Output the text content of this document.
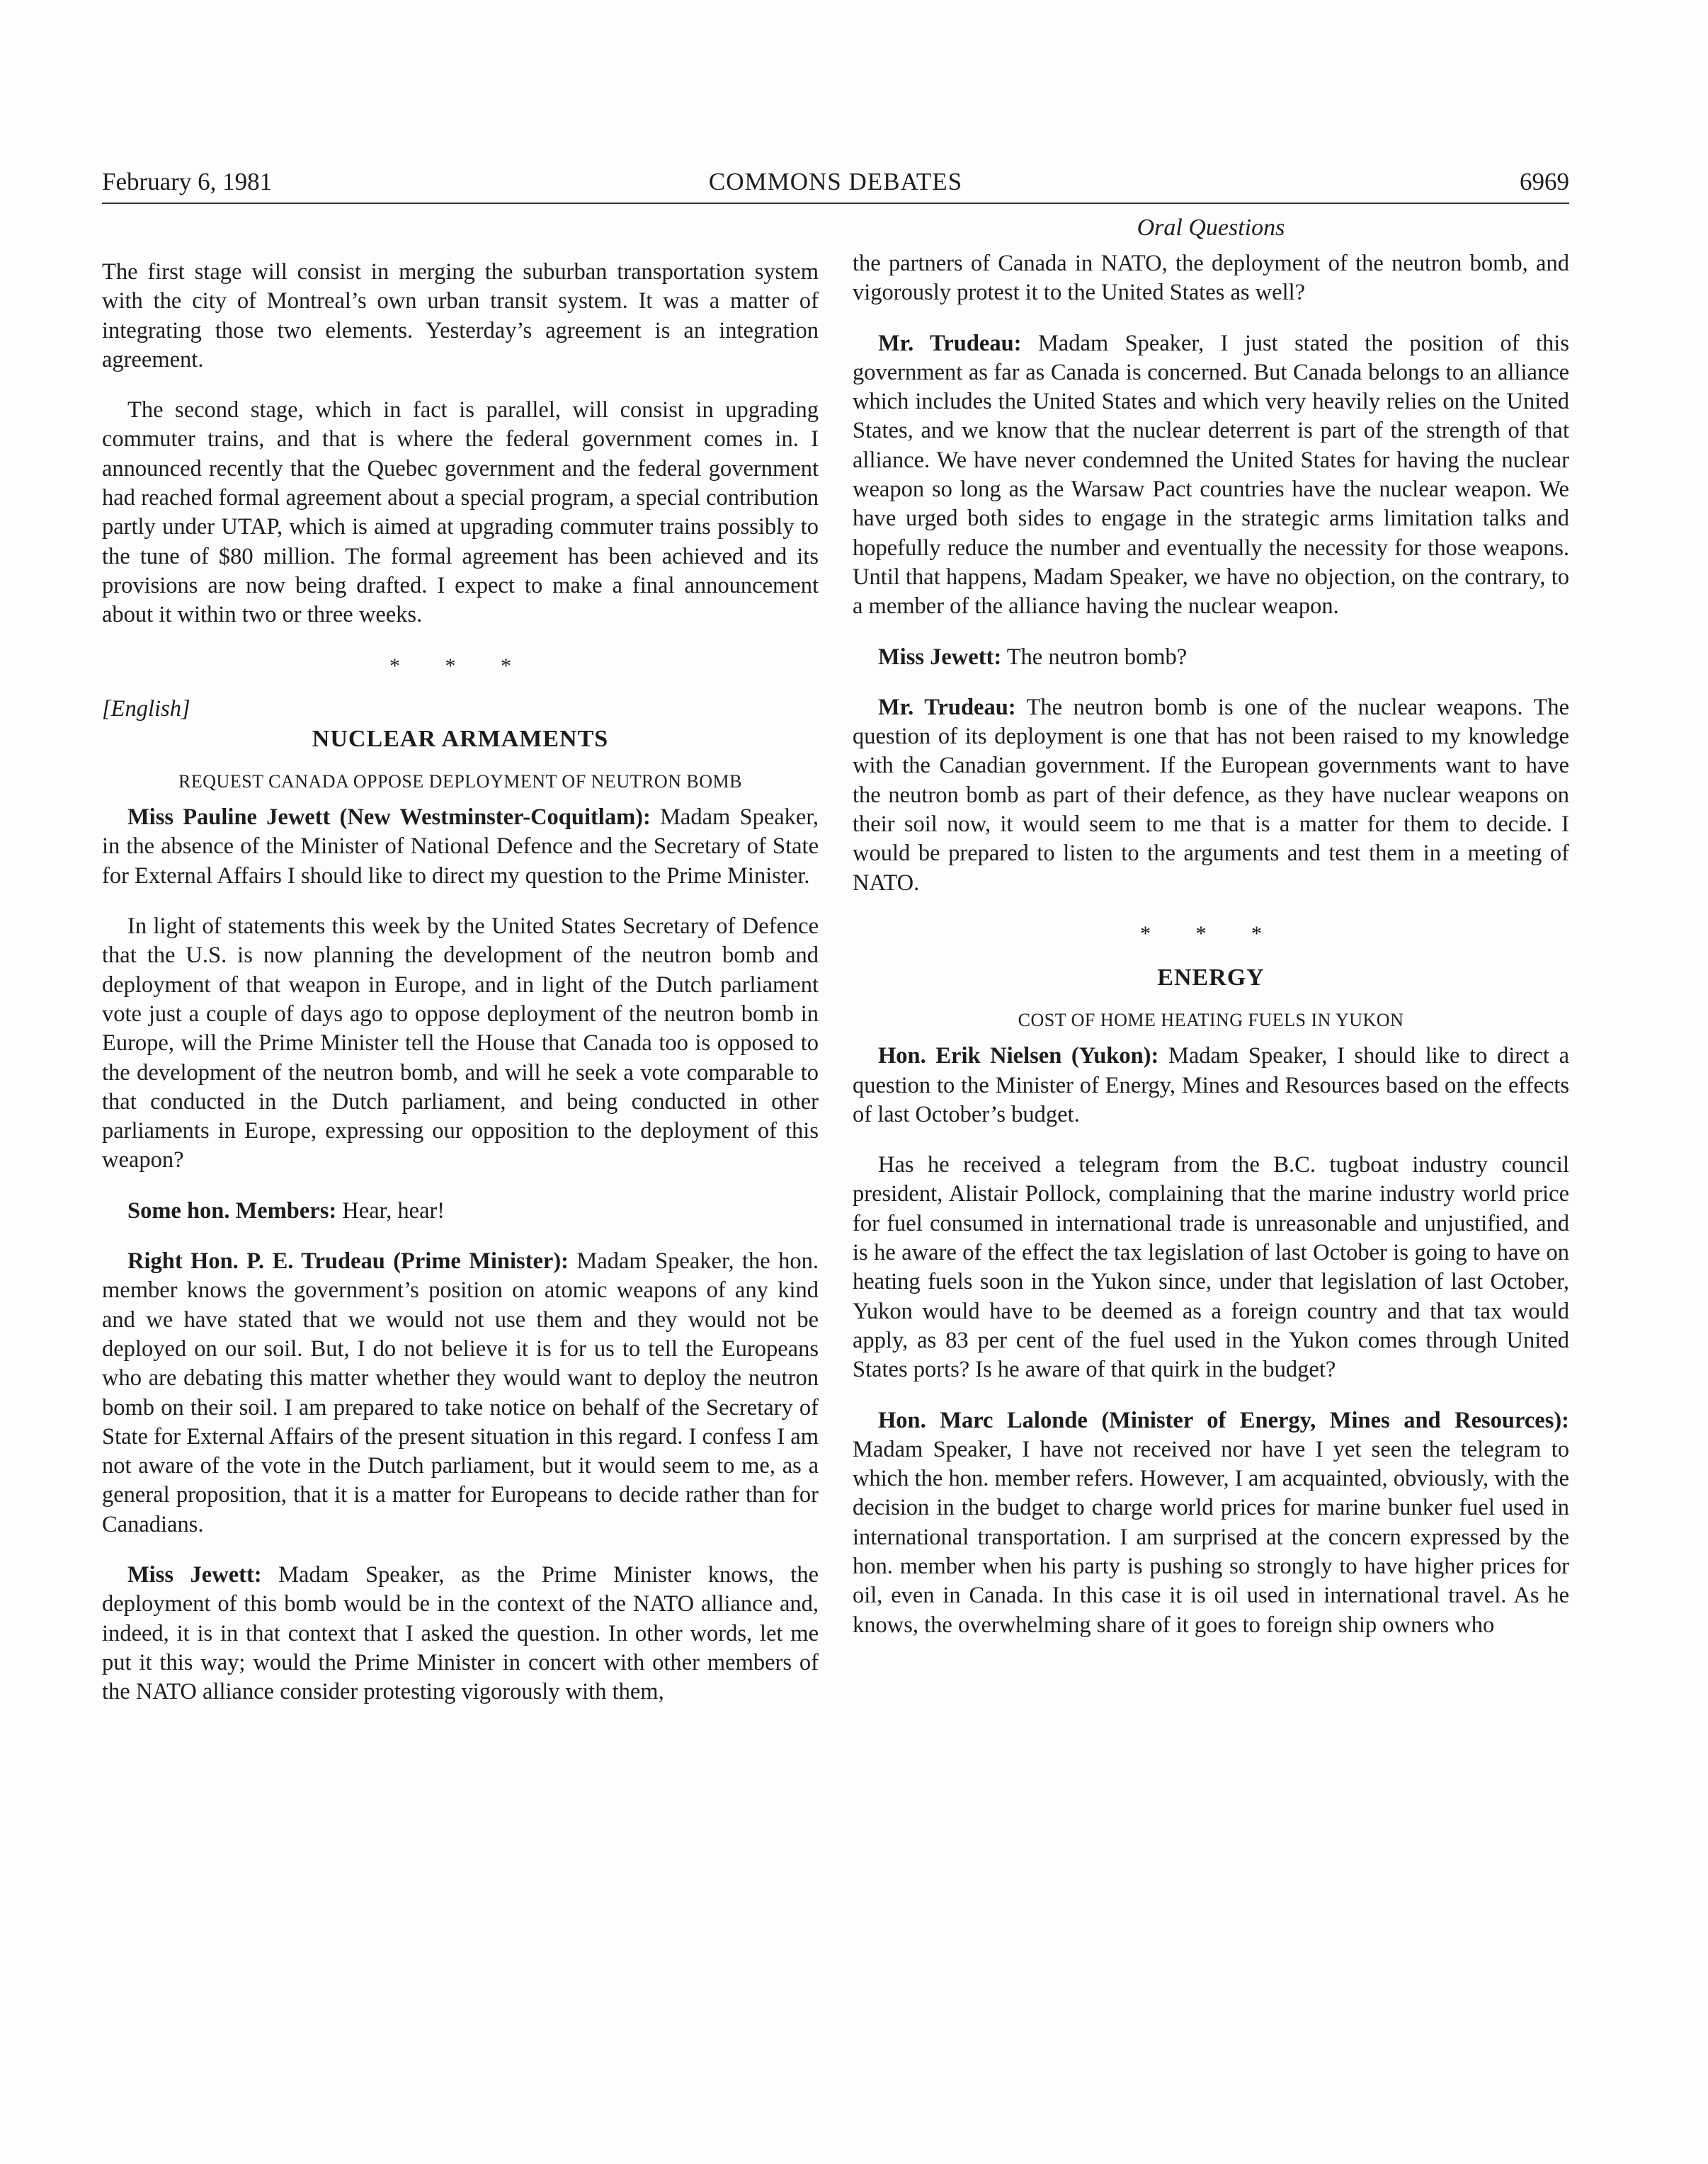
February 6, 1981	COMMONS DEBATES	6969

The first stage will consist in merging the suburban transportation system with the city of Montreal’s own urban transit system. It was a matter of integrating those two elements. Yesterday’s agreement is an integration agreement.

The second stage, which in fact is parallel, will consist in upgrading commuter trains, and that is where the federal government comes in. I announced recently that the Quebec government and the federal government had reached formal agreement about a special program, a special contribution partly under UTAP, which is aimed at upgrading commuter trains possibly to the tune of $80 million. The formal agreement has been achieved and its provisions are now being drafted. I expect to make a final announcement about it within two or three weeks.

* * *

[English]

NUCLEAR ARMAMENTS
REQUEST CANADA OPPOSE DEPLOYMENT OF NEUTRON BOMB

Miss Pauline Jewett (New Westminster-Coquitlam): Madam Speaker, in the absence of the Minister of National Defence and the Secretary of State for External Affairs I should like to direct my question to the Prime Minister.

In light of statements this week by the United States Secretary of Defence that the U.S. is now planning the development of the neutron bomb and deployment of that weapon in Europe, and in light of the Dutch parliament vote just a couple of days ago to oppose deployment of the neutron bomb in Europe, will the Prime Minister tell the House that Canada too is opposed to the development of the neutron bomb, and will he seek a vote comparable to that conducted in the Dutch parliament, and being conducted in other parliaments in Europe, expressing our opposition to the deployment of this weapon?

Some hon. Members: Hear, hear!

Right Hon. P. E. Trudeau (Prime Minister): Madam Speaker, the hon. member knows the government’s position on atomic weapons of any kind and we have stated that we would not use them and they would not be deployed on our soil. But, I do not believe it is for us to tell the Europeans who are debating this matter whether they would want to deploy the neutron bomb on their soil. I am prepared to take notice on behalf of the Secretary of State for External Affairs of the present situation in this regard. I confess I am not aware of the vote in the Dutch parliament, but it would seem to me, as a general proposition, that it is a matter for Europeans to decide rather than for Canadians.

Miss Jewett: Madam Speaker, as the Prime Minister knows, the deployment of this bomb would be in the context of the NATO alliance and, indeed, it is in that context that I asked the question. In other words, let me put it this way; would the Prime Minister in concert with other members of the NATO alliance consider protesting vigorously with them,

Oral Questions

the partners of Canada in NATO, the deployment of the neutron bomb, and vigorously protest it to the United States as well?

Mr. Trudeau: Madam Speaker, I just stated the position of this government as far as Canada is concerned. But Canada belongs to an alliance which includes the United States and which very heavily relies on the United States, and we know that the nuclear deterrent is part of the strength of that alliance. We have never condemned the United States for having the nuclear weapon so long as the Warsaw Pact countries have the nuclear weapon. We have urged both sides to engage in the strategic arms limitation talks and hopefully reduce the number and eventually the necessity for those weapons. Until that happens, Madam Speaker, we have no objection, on the contrary, to a member of the alliance having the nuclear weapon.

Miss Jewett: The neutron bomb?

Mr. Trudeau: The neutron bomb is one of the nuclear weapons. The question of its deployment is one that has not been raised to my knowledge with the Canadian government. If the European governments want to have the neutron bomb as part of their defence, as they have nuclear weapons on their soil now, it would seem to me that is a matter for them to decide. I would be prepared to listen to the arguments and test them in a meeting of NATO.

* * *
ENERGY
COST OF HOME HEATING FUELS IN YUKON

Hon. Erik Nielsen (Yukon): Madam Speaker, I should like to direct a question to the Minister of Energy, Mines and Resources based on the effects of last October’s budget.

Has he received a telegram from the B.C. tugboat industry council president, Alistair Pollock, complaining that the marine industry world price for fuel consumed in international trade is unreasonable and unjustified, and is he aware of the effect the tax legislation of last October is going to have on heating fuels soon in the Yukon since, under that legislation of last October, Yukon would have to be deemed as a foreign country and that tax would apply, as 83 per cent of the fuel used in the Yukon comes through United States ports? Is he aware of that quirk in the budget?

Hon. Marc Lalonde (Minister of Energy, Mines and Resources): Madam Speaker, I have not received nor have I yet seen the telegram to which the hon. member refers. However, I am acquainted, obviously, with the decision in the budget to charge world prices for marine bunker fuel used in international transportation. I am surprised at the concern expressed by the hon. member when his party is pushing so strongly to have higher prices for oil, even in Canada. In this case it is oil used in international travel. As he knows, the overwhelming share of it goes to foreign ship owners who
